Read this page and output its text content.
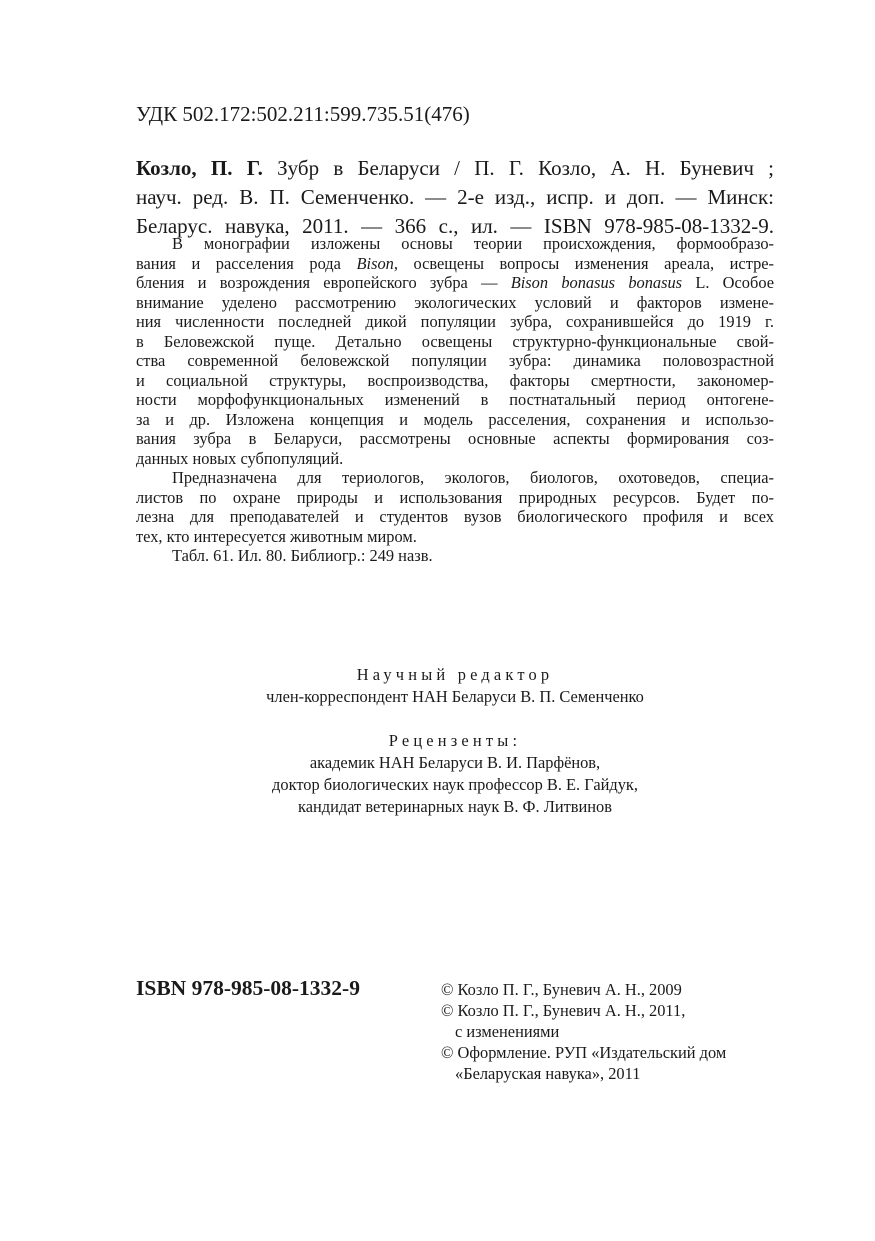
УДК 502.172:502.211:599.735.51(476)
Козло, П. Г. Зубр в Беларуси / П. Г. Козло, А. Н. Буневич ;
науч. ред. В. П. Семенченко. — 2-е изд., испр. и доп. — Минск:
Беларус. навука, 2011. — 366 с., ил. — ISBN 978-985-08-1332-9.
В монографии изложены основы теории происхождения, формообразо-
вания и расселения рода Bison, освещены вопросы изменения ареала, истре-
бления и возрождения европейского зубра — Bison bonasus bonasus L. Особое
внимание уделено рассмотрению экологических условий и факторов измене-
ния численности последней дикой популяции зубра, сохранившейся до 1919 г.
в Беловежской пуще. Детально освещены структурно-функциональные свой-
ства современной беловежской популяции зубра: динамика половозрастной
и социальной структуры, воспроизводства, факторы смертности, закономер-
ности морфофункциональных изменений в постнатальный период онтогене-
за и др. Изложена концепция и модель расселения, сохранения и использо-
вания зубра в Беларуси, рассмотрены основные аспекты формирования соз-
данных новых субпопуляций.
Предназначена для териологов, экологов, биологов, охотоведов, специа-
листов по охране природы и использования природных ресурсов. Будет по-
лезна для преподавателей и студентов вузов биологического профиля и всех
тех, кто интересуется животным миром.
Табл. 61. Ил. 80. Библиогр.: 249 назв.
Научный редактор
член-корреспондент НАН Беларуси В. П. Семенченко
Рецензенты:
академик НАН Беларуси В. И. Парфёнов,
доктор биологических наук профессор В. Е. Гайдук,
кандидат ветеринарных наук В. Ф. Литвинов
ISBN 978-985-08-1332-9	© Козло П. Г., Буневич А. Н., 2009
© Козло П. Г., Буневич А. Н., 2011,
с изменениями
© Оформление. РУП «Издательский дом
«Беларуская навука», 2011
